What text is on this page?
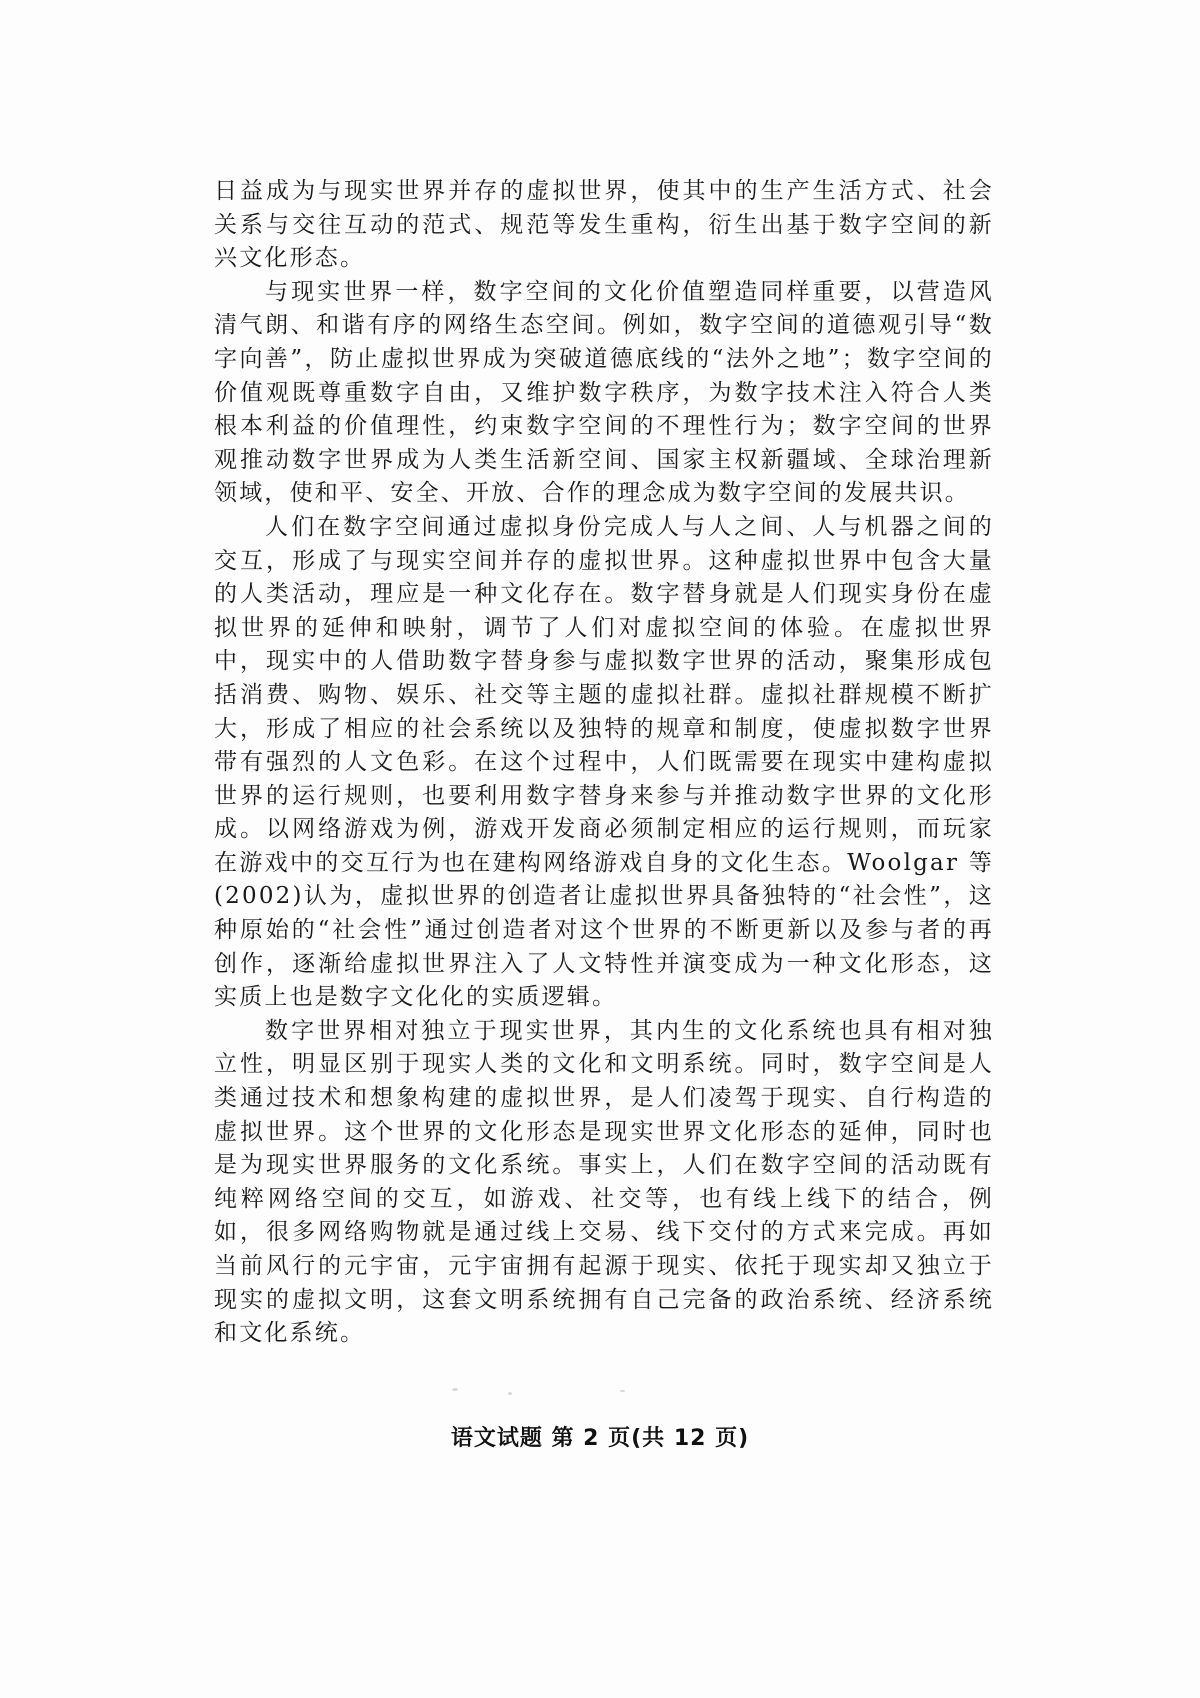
日益成为与现实世界并存的虚拟世界，使其中的生产生活方式、社会关系与交往互动的范式、规范等发生重构，衍生出基于数字空间的新兴文化形态。

与现实世界一样，数字空间的文化价值塑造同样重要，以营造风清气朗、和谐有序的网络生态空间。例如，数字空间的道德观引导“数字向善”，防止虚拟世界成为突破道德底线的“法外之地”；数字空间的价值观既尊重数字自由，又维护数字秩序，为数字技术注入符合人类根本利益的价值理性，约束数字空间的不理性行为；数字空间的世界观推动数字世界成为人类生活新空间、国家主权新疆域、全球治理新领域，使和平、安全、开放、合作的理念成为数字空间的发展共识。

人们在数字空间通过虚拟身份完成人与人之间、人与机器之间的交互，形成了与现实空间并存的虚拟世界。这种虚拟世界中包含大量的人类活动，理应是一种文化存在。数字替身就是人们现实身份在虚拟世界的延伸和映射，调节了人们对虚拟空间的体验。在虚拟世界中，现实中的人借助数字替身参与虚拟数字世界的活动，聚集形成包括消费、购物、娱乐、社交等主题的虚拟社群。虚拟社群规模不断扩大，形成了相应的社会系统以及独特的规章和制度，使虚拟数字世界带有强烈的人文色彩。在这个过程中，人们既需要在现实中建构虚拟世界的运行规则，也要利用数字替身来参与并推动数字世界的文化形成。以网络游戏为例，游戏开发商必须制定相应的运行规则，而玩家在游戏中的交互行为也在建构网络游戏自身的文化生态。Woolgar 等(2002)认为，虚拟世界的创造者让虚拟世界具备独特的“社会性”，这种原始的“社会性”通过创造者对这个世界的不断更新以及参与者的再创作，逐渐给虚拟世界注入了人文特性并演变成为一种文化形态，这实质上也是数字文化化的实质逻辑。

数字世界相对独立于现实世界，其内生的文化系统也具有相对独立性，明显区别于现实人类的文化和文明系统。同时，数字空间是人类通过技术和想象构建的虚拟世界，是人们凌驾于现实、自行构造的虚拟世界。这个世界的文化形态是现实世界文化形态的延伸，同时也是为现实世界服务的文化系统。事实上，人们在数字空间的活动既有纯粹网络空间的交互，如游戏、社交等，也有线上线下的结合，例如，很多网络购物就是通过线上交易、线下交付的方式来完成。再如当前风行的元宇宙，元宇宙拥有起源于现实、依托于现实却又独立于现实的虚拟文明，这套文明系统拥有自己完备的政治系统、经济系统和文化系统。

语文试题 第 2 页(共 12 页)
